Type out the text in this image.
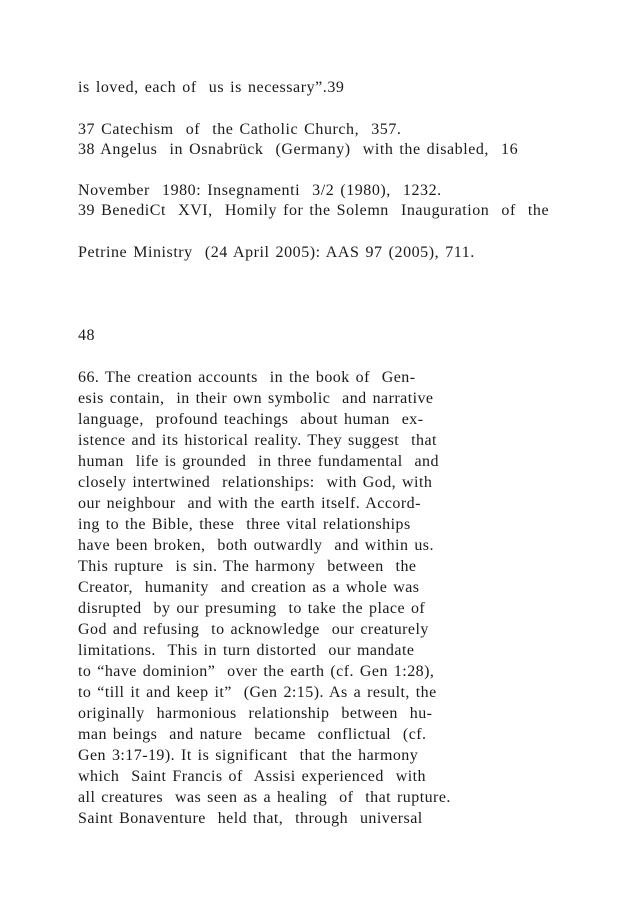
is loved, each of  us is necessary”.39
37 Catechism  of  the Catholic Church,  357.
38 Angelus  in Osnabrück  (Germany)  with the disabled,  16
November  1980: Insegnamenti  3/2 (1980),  1232.
39 BenediCt  XVI,  Homily for the Solemn  Inauguration  of  the
Petrine Ministry  (24 April 2005): AAS 97 (2005), 711.
48
66. The creation accounts  in the book of  Gen-
esis contain,  in their own symbolic  and narrative
language,  profound teachings  about human  ex-
istence and its historical reality. They suggest  that
human  life is grounded  in three fundamental  and
closely intertwined  relationships:  with God, with
our neighbour  and with the earth itself. Accord-
ing to the Bible, these  three vital relationships
have been broken,  both outwardly  and within us.
This rupture  is sin. The harmony  between  the
Creator,  humanity  and creation as a whole was
disrupted  by our presuming  to take the place of
God and refusing  to acknowledge  our creaturely
limitations.  This in turn distorted  our mandate
to “have dominion”  over the earth (cf. Gen 1:28),
to “till it and keep it”  (Gen 2:15). As a result, the
originally  harmonious  relationship  between  hu-
man beings  and nature  became  conflictual  (cf.
Gen 3:17-19). It is significant  that the harmony
which  Saint Francis of  Assisi experienced  with
all creatures  was seen as a healing  of  that rupture.
Saint Bonaventure  held that,  through  universal
